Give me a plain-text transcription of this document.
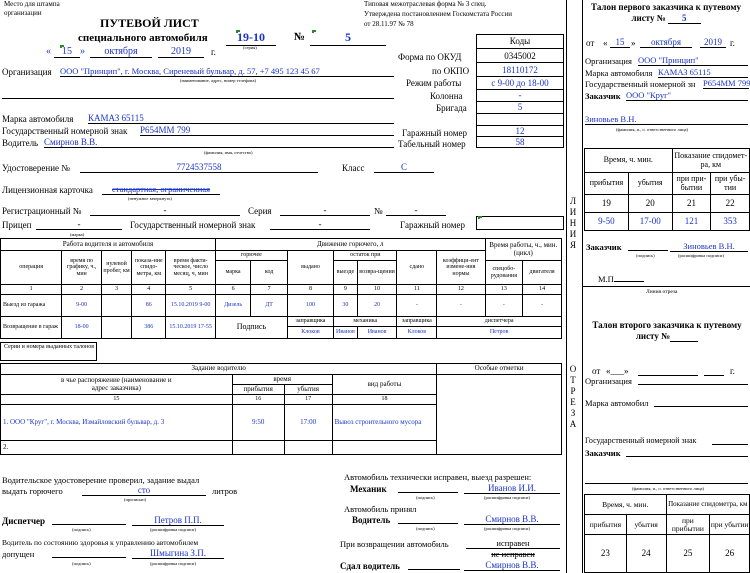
Место для штампа
организации
Типовая межотраслевая форма № 3 спец.
Утверждена постановлением Госкомстата России
от 28.11.97 № 78
ПУТЕВОЙ ЛИСТ
специального автомобиля	19-10
(серия)
№	5
«	15 »	октября	2019	г.
Коды
Форма по ОКУД	0345002
по ОКПО	18110172
Режим работы	с 9-00 до 18-00
Колонна	-
Бригада	5
Гаражный номер	12
Табельный номер	58
Организация ООО "Принцип", г. Москва, Сиреневый бульвар, д. 57, +7 495 123 45 67
(наименование, адрес, номер телефона)
Марка автомобиля КАМАЗ 65115
Государственный номерной знак Р654ММ 799
Водитель Смирнов В.В.
(фамилия, имя, отчество)
Удостоверение №	7724537558	Класс	С
Лицензионная карточка	стандартная, ограниченная
(ненужное зачеркнуть)
Регистрационный №	-	Серия	-	№	-
Прицеп	-
(марка)
Государственный номерной знак	-	Гаражный номер
Работа водителя и автомобиля					Движение горючего, л							Время работы, ч., мин. (цикл)	
операция	время по графику, ч., мин	нулевой пробег, км	показа-ние спидо-метра, км	время факти-ческое, число месяц, ч, мин	горючее		выдано	остаток при		сдано	коэффици-ент измене-ния нормы		
					марка	код		выезде	возвра-щении			спецобо-рудования	двигателя
1	2	3	4	5	6	7	8	9	10	11	12	13	14
Выезд из гаража	9-00		86	15.10.2019 9-00	Дизель	ДТ	100	30	20	-	-	-	-
Возвращение в гараж	18-00		386	15.10.2019 17-55	Подпись		заправщика	механика		заправщика	диспетчера		
							Клоков	Иванов	Иванов	Клоков	Петров		
Серии и номера выданных талонов
Задание водителю				Особые отметки
в чье распоряжение (наименование и адрес заказчика)	время		вид работы	
	прибытия	убытия		
15	16	17	18	
1. ООО "Круг", г. Москва, Измайловский бульвар, д. 3	9:50	17:00	Вывоз строительного мусора	
2.				
Водительское удостоверение проверил, задание выдал
выдать горючего	сто	литров
(прописью)
Диспетчер	Петров П.П.
(подпись)	(расшифровка подписи)
Водитель по состоянию здоровья к управлению автомобилем
допущен	Шмыгина З.П.
(подпись)	(расшифровка подписи)
Автомобиль технически исправен, выезд разрешен:
Механик	Иванов И.И.
(подпись)	(расшифровка подписи)
Автомобиль принял
Водитель	Смирнов В.В.
(подпись)	(расшифровка подписи)
При возвращении автомобиль	исправен
не исправен
Сдал водитель	Смирнов В.В.
ЛИНИЯ
ОТРЕЗА
Талон первого заказчика к путевому листу № 5
от « 15 »	октября	2019 г.
Организация ООО "Принцип"
Марка автомобиля КАМАЗ 65115
Государственный номерной зн Р654ММ 799
Заказчик ООО "Круг"
Зиновьев В.Н.
(фамилия, и., о. ответственного лица)
Время, ч. мин.		Показание спидомет-ра, км	
прибытия	убытия	при при-бытии	при убы-тии
19	20	21	22
9-50	17-00	121	353
Заказчик	Зиновьев В.Н.
(подпись)	(расшифровка подписи)
М.П.
Линия отреза
Талон второго заказчика к путевому листу №
от «___»	г.
Организация
Марка автомобил
Государственный номерной знак
Заказчик
(фамилия, и., о. ответственного лица)
Время, ч. мин.		Показание спидометра, км	
прибытия	убытия	при прибытии	при убытии
23	24	25	26
